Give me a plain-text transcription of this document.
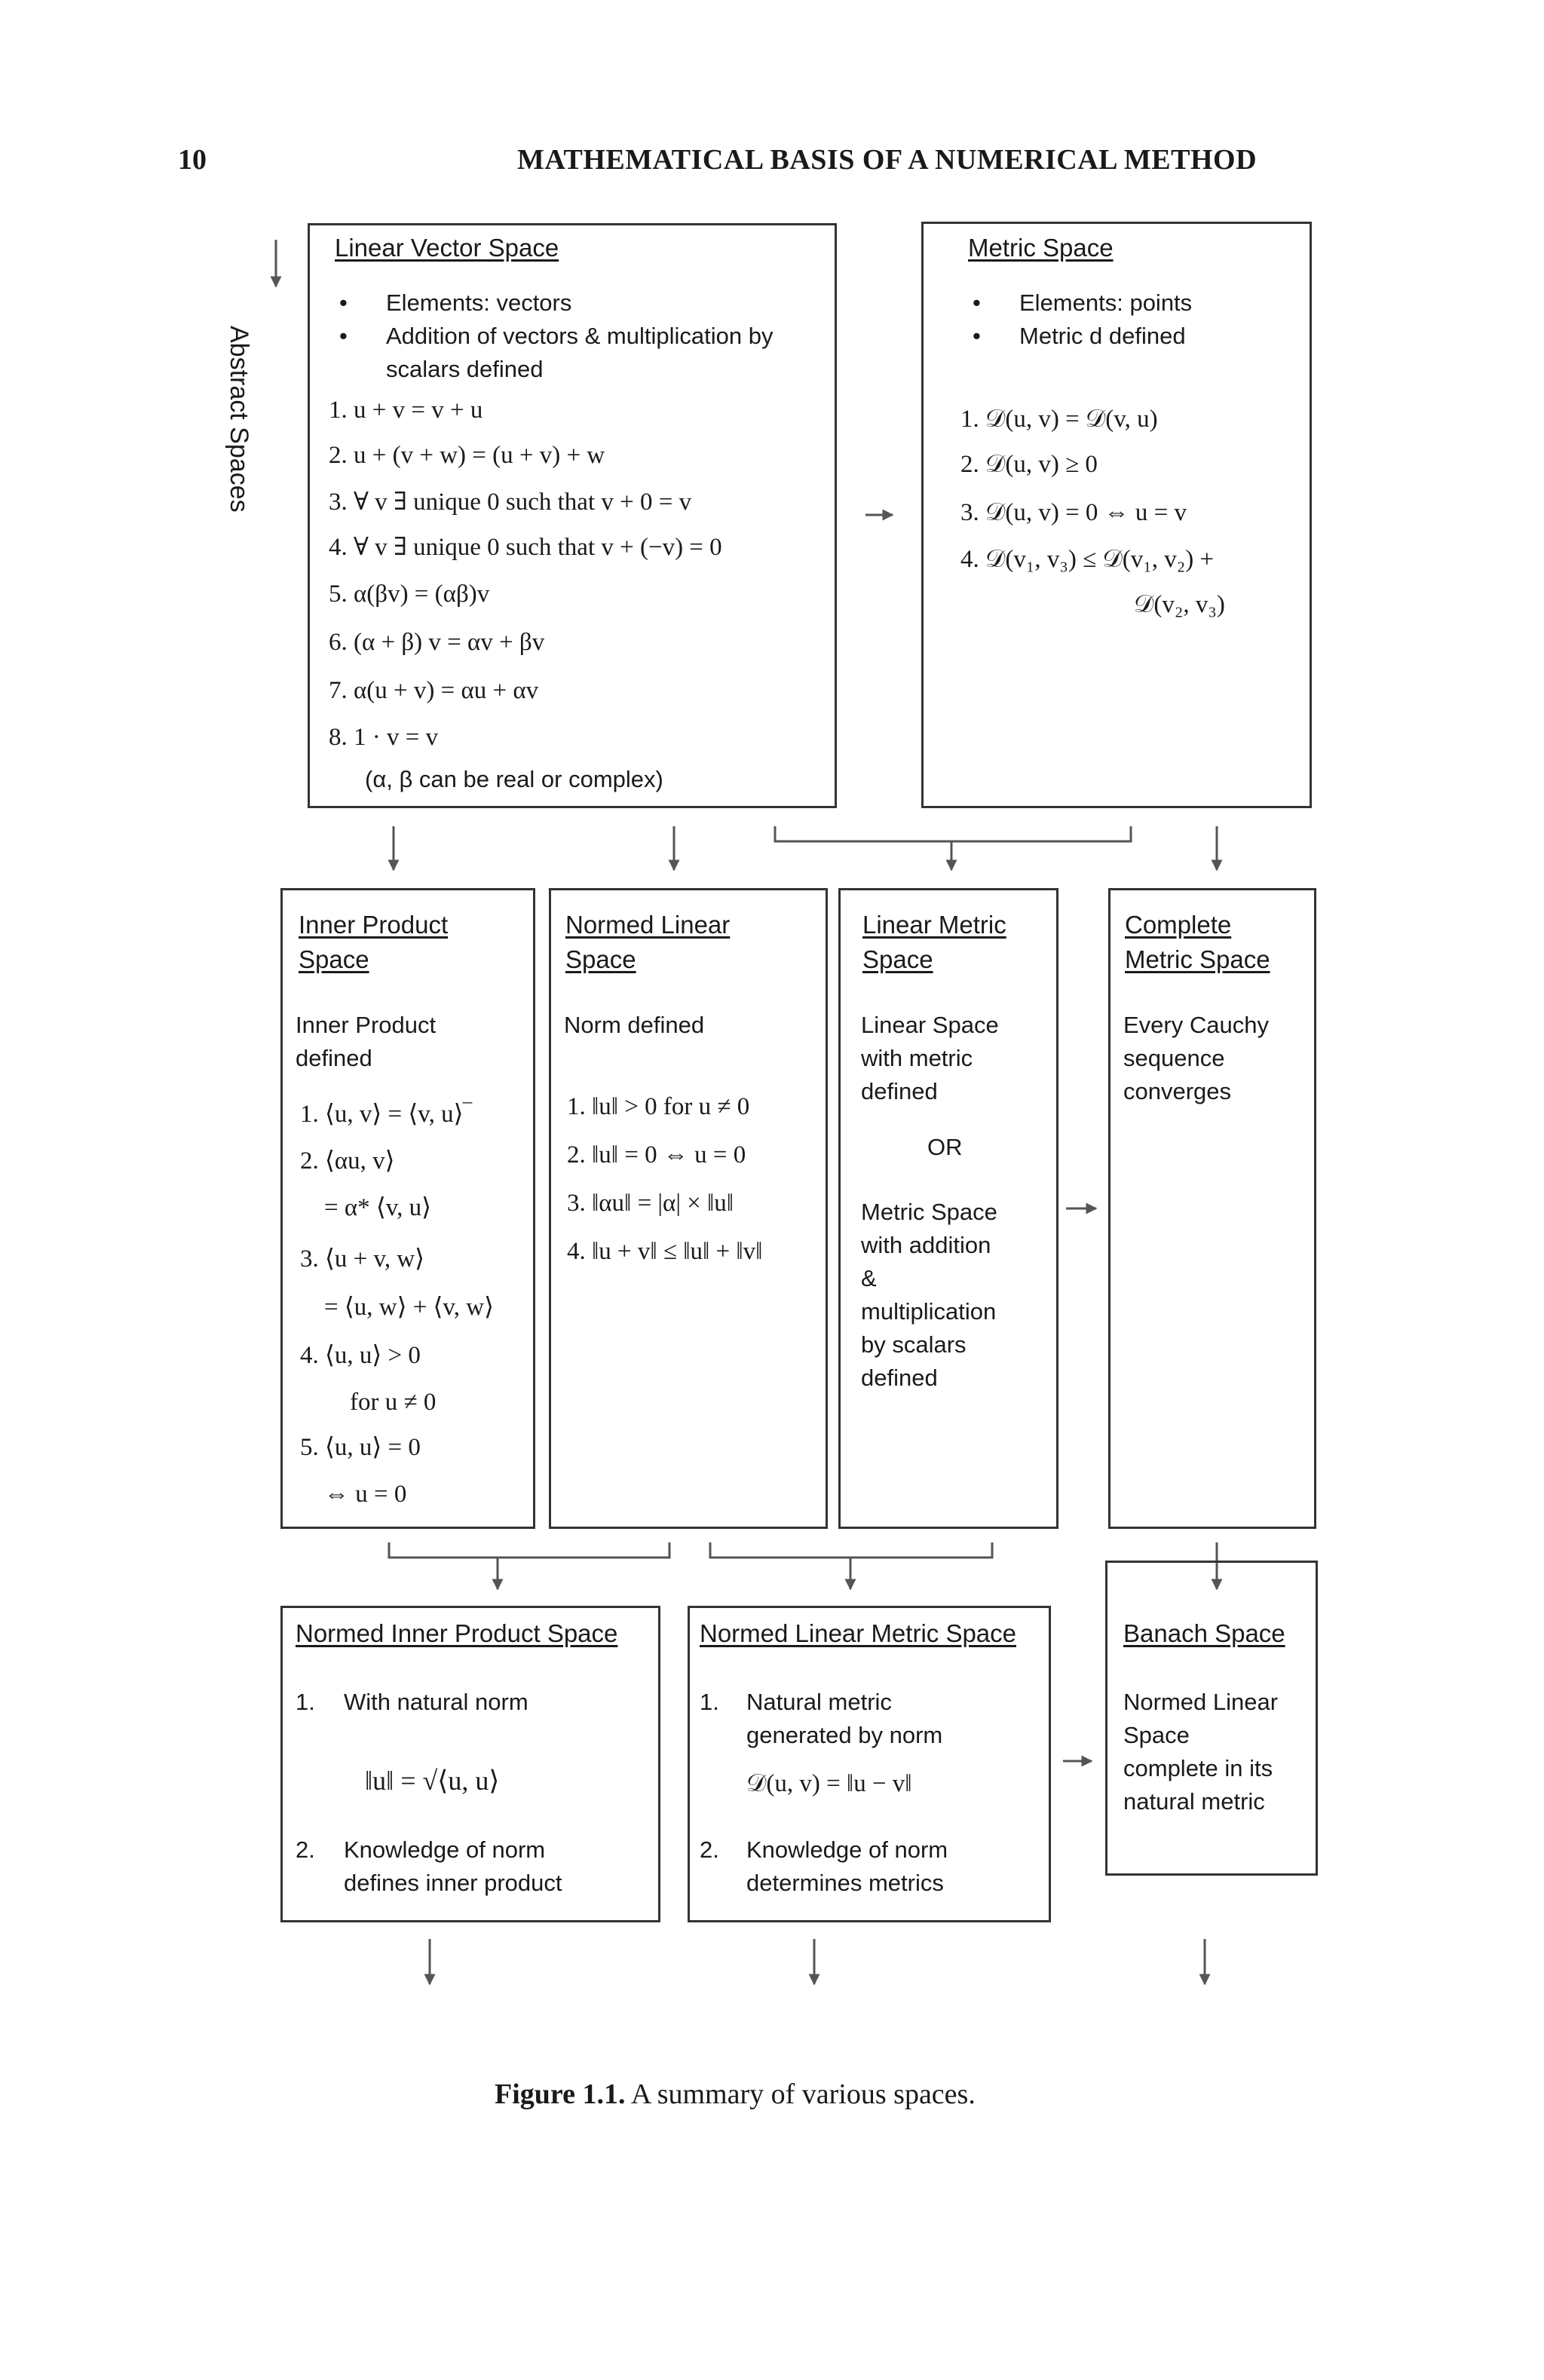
10	MATHEMATICAL BASIS OF A NUMERICAL METHOD
Abstract Spaces
Linear Vector Space
• Elements: vectors
• Addition of vectors & multiplication by
scalars defined
1. u + v = v + u
2. u + (v + w) = (u + v) + w
3. ∀ v ∃ unique 0 such that v + 0 = v
4. ∀ v ∃ unique 0 such that v + (−v) = 0
5. α(βv) = (αβ)v
6. (α + β) v = αv + βv
7. α(u + v) = αu + αv
8. 1 · v = v
(α, β can be real or complex)
Metric Space
• Elements: points
• Metric d defined
1. 𝒟(u, v) = 𝒟(v, u)
2. 𝒟(u, v) ≥ 0
3. 𝒟(u, v) = 0 ⇔ u = v
4. 𝒟(v₁, v₃) ≤ 𝒟(v₁, v₂) +
𝒟(v₂, v₃)
Inner Product
Space
Inner Product
defined
1. ⟨u, v⟩ = ⟨v, u⟩‾
2. ⟨αu, v⟩
= α* ⟨v, u⟩
3. ⟨u + v, w⟩
= ⟨u, w⟩ + ⟨v, w⟩
4. ⟨u, u⟩ > 0
for u ≠ 0
5. ⟨u, u⟩ = 0
⇔ u = 0
Normed Linear
Space
Norm defined
1. ‖u‖ > 0 for u ≠ 0
2. ‖u‖ = 0 ⇔ u = 0
3. ‖αu‖ = |α| × ‖u‖
4. ‖u + v‖ ≤ ‖u‖ + ‖v‖
Linear Metric
Space
Linear Space
with metric
defined
OR
Metric Space
with addition
&
multiplication
by scalars
defined
Complete
Metric Space
Every Cauchy
sequence
converges
Normed Inner Product Space
1. With natural norm
‖u‖ = √⟨u, u⟩
2. Knowledge of norm
defines inner product
Normed Linear Metric Space
1. Natural metric
generated by norm
𝒟(u, v) = ‖u − v‖
2. Knowledge of norm
determines metrics
Banach Space
Normed Linear
Space
complete in its
natural metric
Figure 1.1. A summary of various spaces.
